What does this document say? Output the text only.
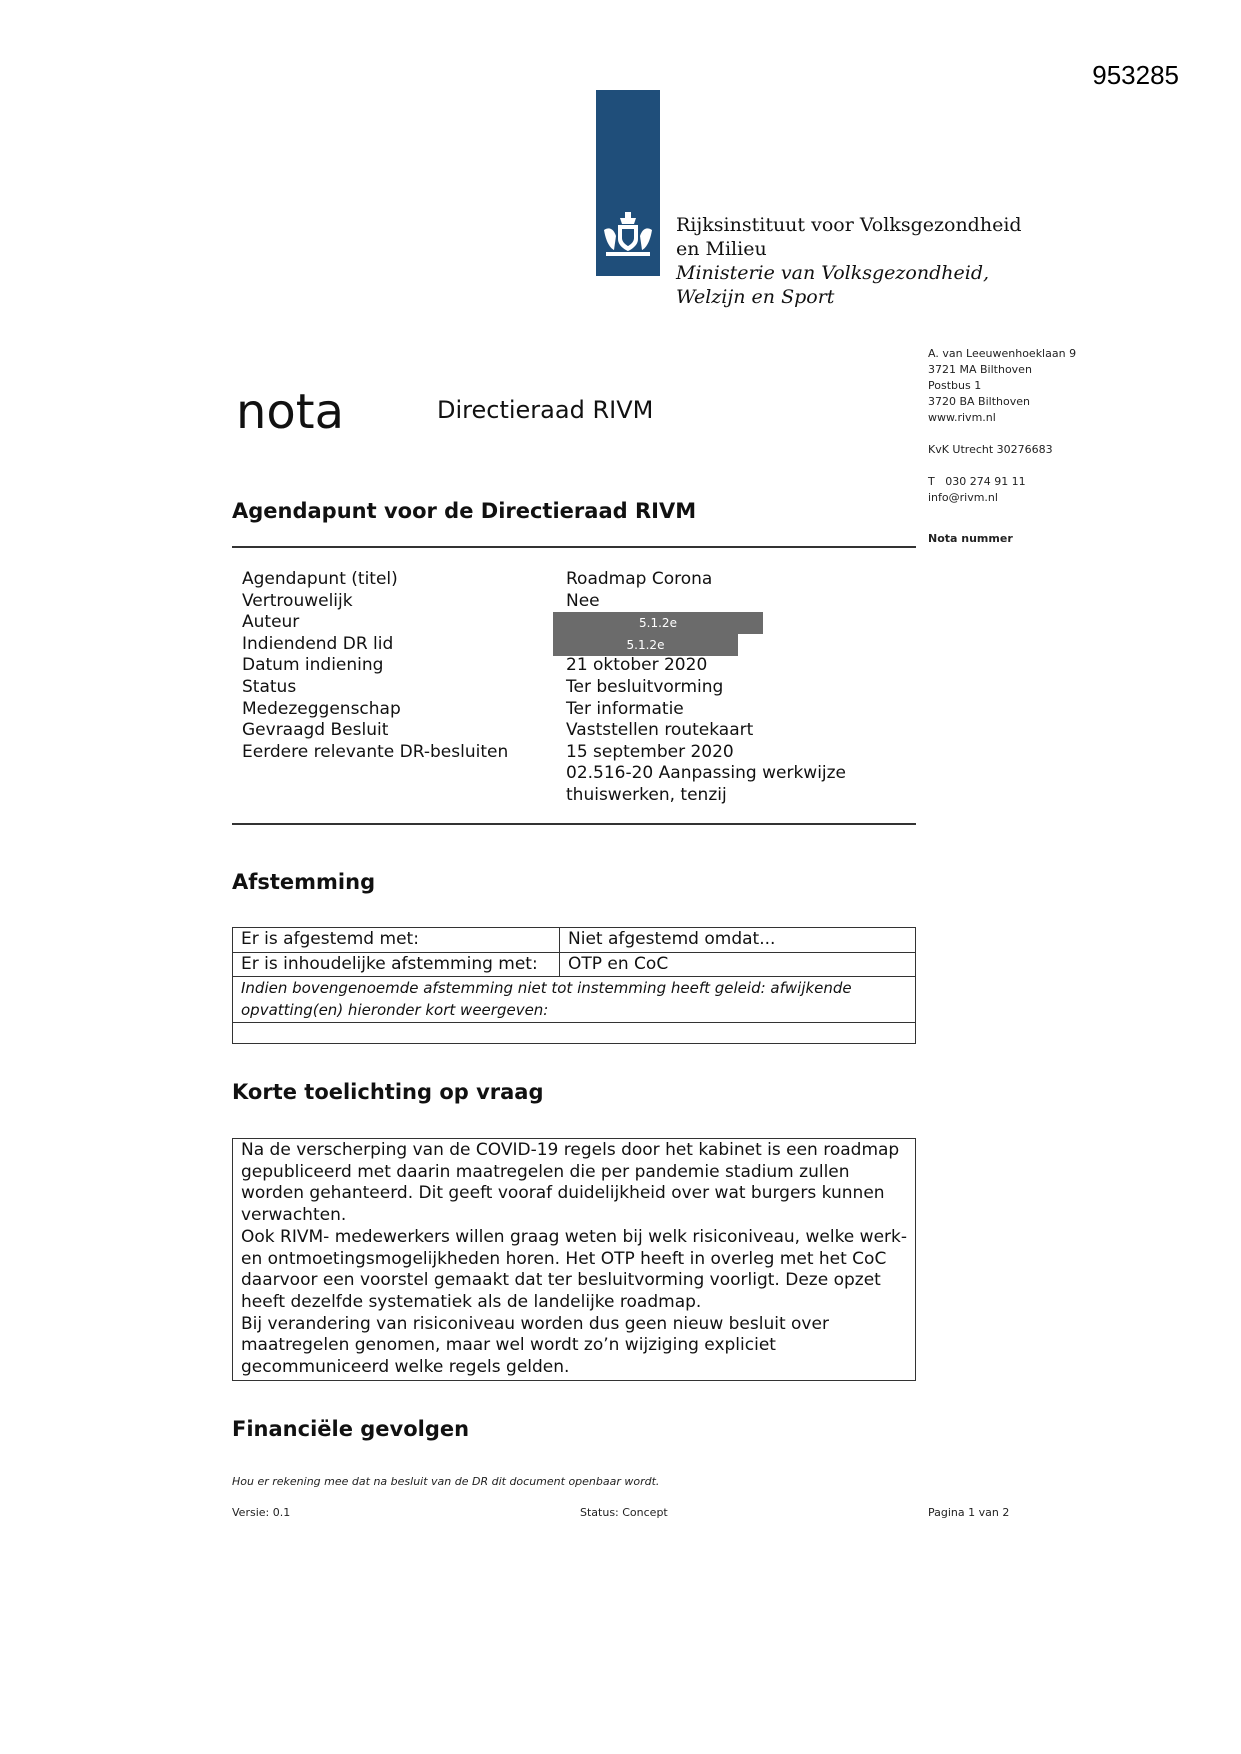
953285
Rijksinstituut voor Volksgezondheid
en Milieu
Ministerie van Volksgezondheid,
Welzijn en Sport
A. van Leeuwenhoeklaan 9
3721 MA Bilthoven
Postbus 1
3720 BA Bilthoven
www.rivm.nl
KvK Utrecht 30276683
T   030 274 91 11
info@rivm.nl
Nota nummer
nota	Directieraad RIVM
Agendapunt voor de Directieraad RIVM
Agendapunt (titel)	Roadmap Corona
Vertrouwelijk	Nee
Auteur	5.1.2e
Indiendend DR lid	5.1.2e
Datum indiening	21 oktober 2020
Status	Ter besluitvorming
Medezeggenschap	Ter informatie
Gevraagd Besluit	Vaststellen routekaart
Eerdere relevante DR-besluiten	15 september 2020
02.516-20 Aanpassing werkwijze
thuiswerken, tenzij
Afstemming
Er is afgestemd met:	Niet afgestemd omdat...
Er is inhoudelijke afstemming met:	OTP en CoC
Indien bovengenoemde afstemming niet tot instemming heeft geleid: afwijkende opvatting(en) hieronder kort weergeven:	

Korte toelichting op vraag

Na de verscherping van de COVID-19 regels door het kabinet is een roadmap gepubliceerd met daarin maatregelen die per pandemie stadium zullen worden gehanteerd. Dit geeft vooraf duidelijkheid over wat burgers kunnen verwachten.

Ook RIVM- medewerkers willen graag weten bij welk risiconiveau, welke werk- en ontmoetingsmogelijkheden horen. Het OTP heeft in overleg met het CoC daarvoor een voorstel gemaakt dat ter besluitvorming voorligt. Deze opzet heeft dezelfde systematiek als de landelijke roadmap.

Bij verandering van risiconiveau worden dus geen nieuw besluit over maatregelen genomen, maar wel wordt zo’n wijziging expliciet gecommuniceerd welke regels gelden.

Financiële gevolgen
Hou er rekening mee dat na besluit van de DR dit document openbaar wordt.
Versie: 0.1	Status: Concept	Pagina 1 van 2
